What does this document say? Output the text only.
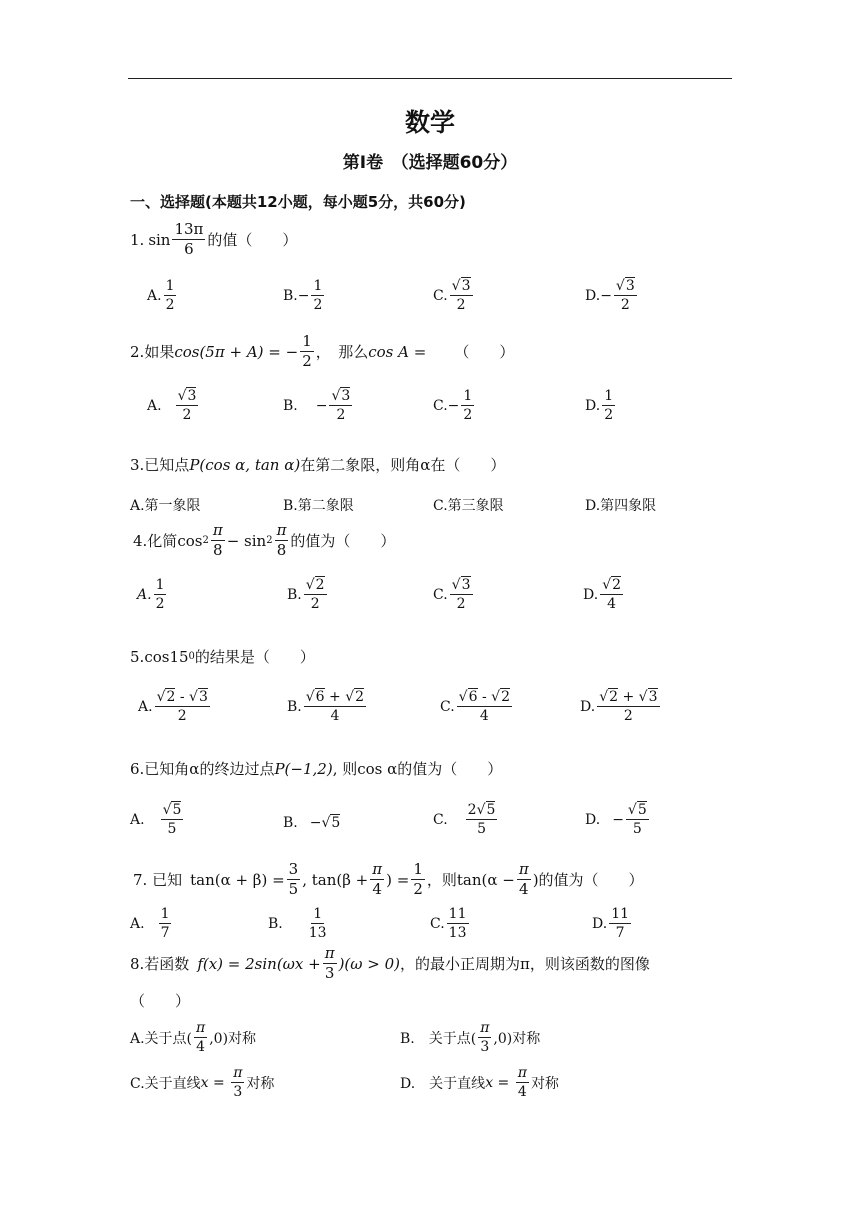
数学
第Ⅰ卷　（选择题60分）
一、选择题(本题共12小题，每小题5分，共60分)
1. sin
13π
6 的值（　　）
A.
1
2
B. − $\frac{1}{2}$	C.
√3
2
D. − $\frac{√3}{2}$
2. 如果 cos(5π + A) = − $\frac{1}{2}$ ，　那么 cos A = （　　）
A.
√3
2
B. − $\frac{√3}{2}$	C. − $\frac{1}{2}$	D.
1
2
3.已知点 P(cos α, tan α) 在第二象限，则角α在（　　）
A.第一象限	B.第二象限	C.第三象限	D.第四象限
4.化简 cos 2
π
8 − sin 2
π
8 的值为（　　）
A.
1
2
B.
√2
2
C.
√3
2
D.
√2
4
5. cos15 0 的结果是（　　）
A.
√2 - √3
2
B.
√6 + √2
4
C.
√6 - √2
4
D.
√2 + √3
2
6.已知角α的终边过点 P(−1,2) , 则 cos α 的值为（　　）
A.
√5
5	B. −√5	C.
2√5
5
D. − $\frac{√5}{5}$
7. 已知 $\tan(\alpha + \beta) = \frac{3}{5}$ , $\tan(\beta + \frac{\pi}{4}$ ) = $\frac{1}{2}$ ，则 $\tan(\alpha - \frac{\pi}{4}$ )的值为（　　）
A.
1
7
B.
1
13
C.
11
13
D.
11
7
8.若函数 $f(x) = 2\sin(\omega x + \frac{\pi}{3} )(\omega > 0)$ ，的最小正周期为π，则该函数的图像
（　　）
A.关于点(
π
4 ,0)对称	B.　关于点(
π
3 ,0)对称
C.关于直线 $x = \frac{\pi}{3}$ 对称	D.　关于直线 $x = \frac{\pi}{4}$ 对称
